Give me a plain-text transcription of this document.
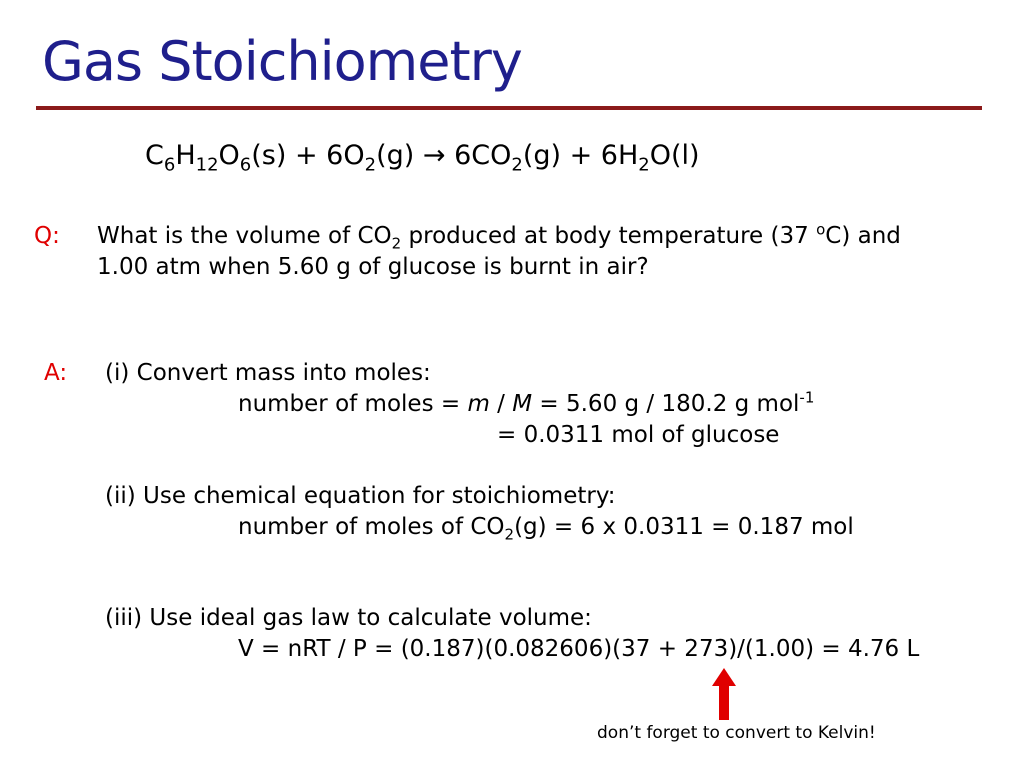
Gas Stoichiometry
$C_6H_{12}O_6(s) + 6O_2(g) \to 6CO_2(g) + 6H_2O(l)$
Q: What is the volume of $CO_2$ produced at body temperature (37 $^o$C) and
1.00 atm when 5.60 g of glucose is burnt in air?
A: (i) Convert mass into moles:
number of moles = m / M = 5.60 g / 180.2 g mol$^{-1}$
= 0.0311 mol of glucose
(ii) Use chemical equation for stoichiometry:
number of moles of $CO_2(g) = 6$ x 0.0311 = 0.187 mol
(iii) Use ideal gas law to calculate volume:
V = nRT / P = (0.187)(0.082606)(37 + 273)/(1.00) = 4.76 L
don’t forget to convert to Kelvin!
